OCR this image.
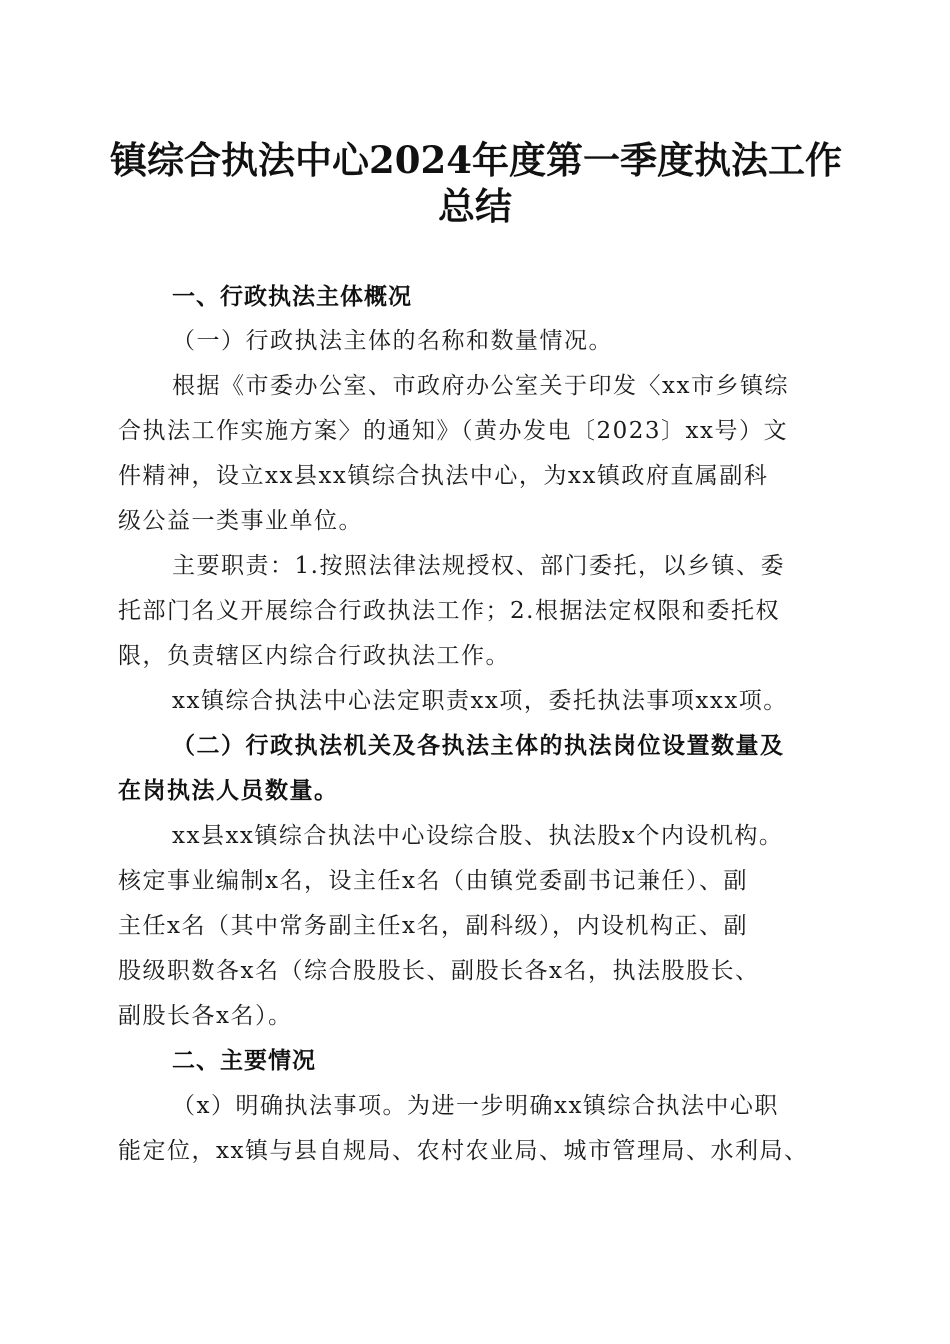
镇综合执法中心2024年度第一季度执法工作
总结
一、行政执法主体概况
（一）行政执法主体的名称和数量情况。
根据《市委办公室、市政府办公室关于印发〈xx市乡镇综
合执法工作实施方案〉的通知》（黄办发电〔2023〕xx号）文
件精神，设立xx县xx镇综合执法中心，为xx镇政府直属副科
级公益一类事业单位。
主要职责：1.按照法律法规授权、部门委托，以乡镇、委
托部门名义开展综合行政执法工作；2.根据法定权限和委托权
限，负责辖区内综合行政执法工作。
xx镇综合执法中心法定职责xx项，委托执法事项xxx项。
（二）行政执法机关及各执法主体的执法岗位设置数量及
在岗执法人员数量。
xx县xx镇综合执法中心设综合股、执法股x个内设机构。
核定事业编制x名，设主任x名（由镇党委副书记兼任）、副
主任x名（其中常务副主任x名，副科级），内设机构正、副
股级职数各x名（综合股股长、副股长各x名，执法股股长、
副股长各x名）。
二、主要情况
（x）明确执法事项。为进一步明确xx镇综合执法中心职
能定位，xx镇与县自规局、农村农业局、城市管理局、水利局、
